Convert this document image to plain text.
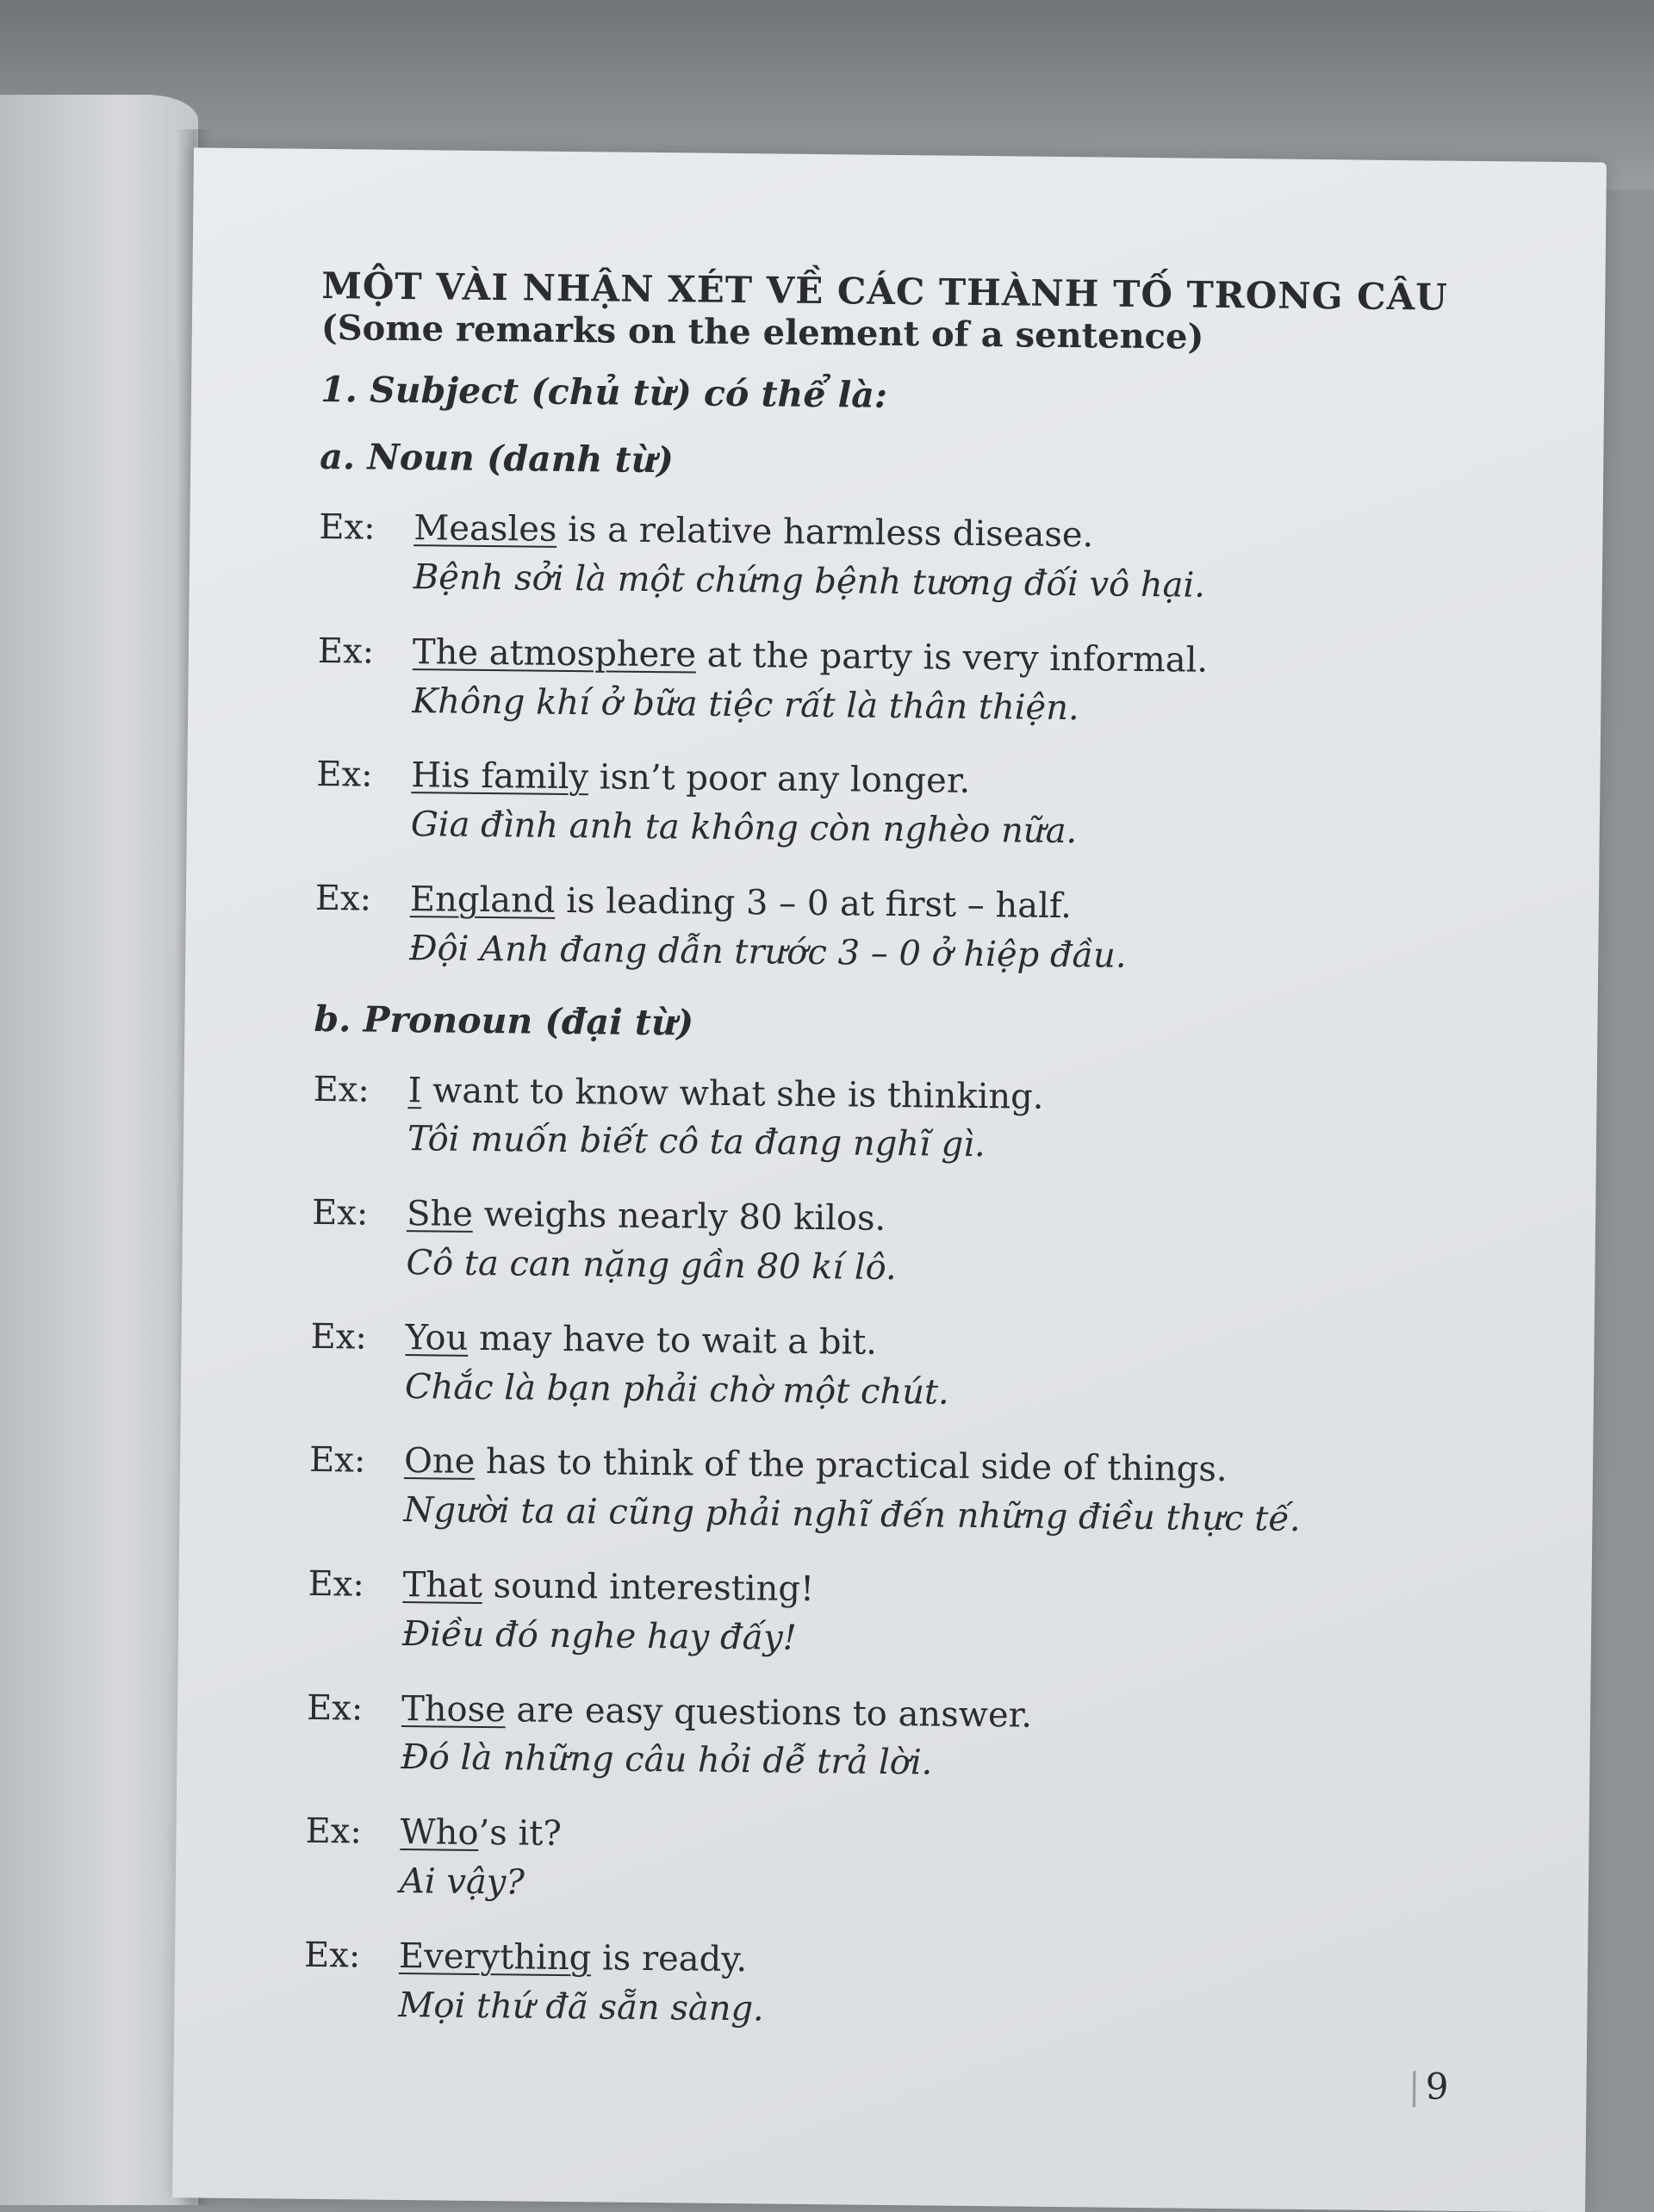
MỘT VÀI NHẬN XÉT VỀ CÁC THÀNH TỐ TRONG CÂU

(Some remarks on the element of a sentence)

1. Subject (chủ từ) có thể là:

a. Noun (danh từ)

Ex:	Measles is a relative harmless disease.

Bệnh sởi là một chứng bệnh tương đối vô hại.

Ex:	The atmosphere at the party is very informal.

Không khí ở bữa tiệc rất là thân thiện.

Ex:	His family isn’t poor any longer.

Gia đình anh ta không còn nghèo nữa.

Ex:	England is leading 3 – 0 at first – half.

Đội Anh đang dẫn trước 3 – 0 ở hiệp đầu.

b. Pronoun (đại từ)

Ex:	I want to know what she is thinking.

Tôi muốn biết cô ta đang nghĩ gì.

Ex:	She weighs nearly 80 kilos.

Cô ta can nặng gần 80 kí lô.

Ex:	You may have to wait a bit.

Chắc là bạn phải chờ một chút.

Ex:	One has to think of the practical side of things.

Người ta ai cũng phải nghĩ đến những điều thực tế.

Ex:	That sound interesting!

Điều đó nghe hay đấy!

Ex:	Those are easy questions to answer.

Đó là những câu hỏi dễ trả lời.

Ex:	Who’s it?

Ai vậy?

Ex:	Everything is ready.

Mọi thứ đã sẵn sàng.

| 9
